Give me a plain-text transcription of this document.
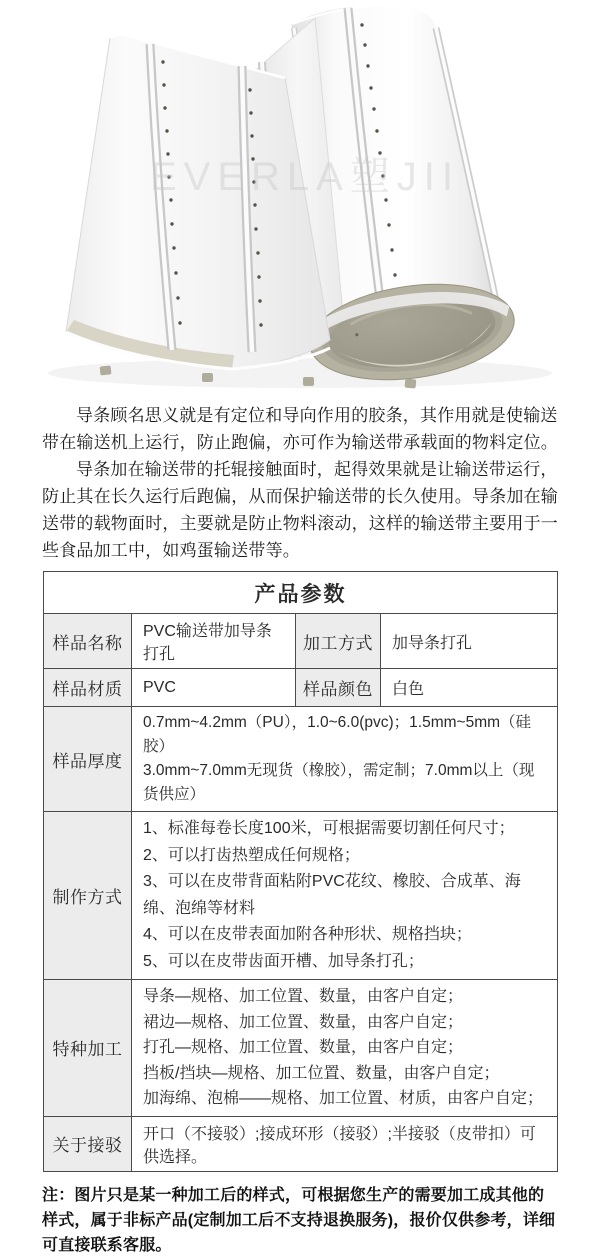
EVERLA塑JII

导条顾名思义就是有定位和导向作用的胶条，其作用就是使输送带在输送机上运行，防止跑偏，亦可作为输送带承载面的物料定位。

导条加在输送带的托辊接触面时，起得效果就是让输送带运行，防止其在长久运行后跑偏，从而保护输送带的长久使用。导条加在输送带的载物面时，主要就是防止物料滚动，这样的输送带主要用于一些食品加工中，如鸡蛋输送带等。

产品参数			
样品名称	PVC输送带加导条打孔	加工方式	加导条打孔
样品材质	PVC	样品颜色	白色
样品厚度	0.7mm~4.2mm（PU），1.0~6.0(pvc)；1.5mm~5mm（硅胶）
3.0mm~7.0mm无现货（橡胶），需定制；7.0mm以上（现货供应）		

制作方式	1、标准每卷长度100米，可根据需要切割任何尺寸；
2、可以打齿热塑成任何规格；
3、可以在皮带背面粘附PVC花纹、橡胶、合成革、海绵、泡绵等材料
4、可以在皮带表面加附各种形状、规格挡块；
5、可以在皮带齿面开槽、加导条打孔；		

特种加工	导条—规格、加工位置、数量，由客户自定；
裙边—规格、加工位置、数量，由客户自定；
打孔—规格、加工位置、数量，由客户自定；
挡板/挡块—规格、加工位置、数量，由客户自定；
加海绵、泡棉——规格、加工位置、材质，由客户自定；		

关于接驳	开口（不接驳）;接成环形（接驳）;半接驳（皮带扣）可供选择。		

注：图片只是某一种加工后的样式，可根据您生产的需要加工成其他的样式，属于非标产品(定制加工后不支持退换服务)，报价仅供参考，详细可直接联系客服。
